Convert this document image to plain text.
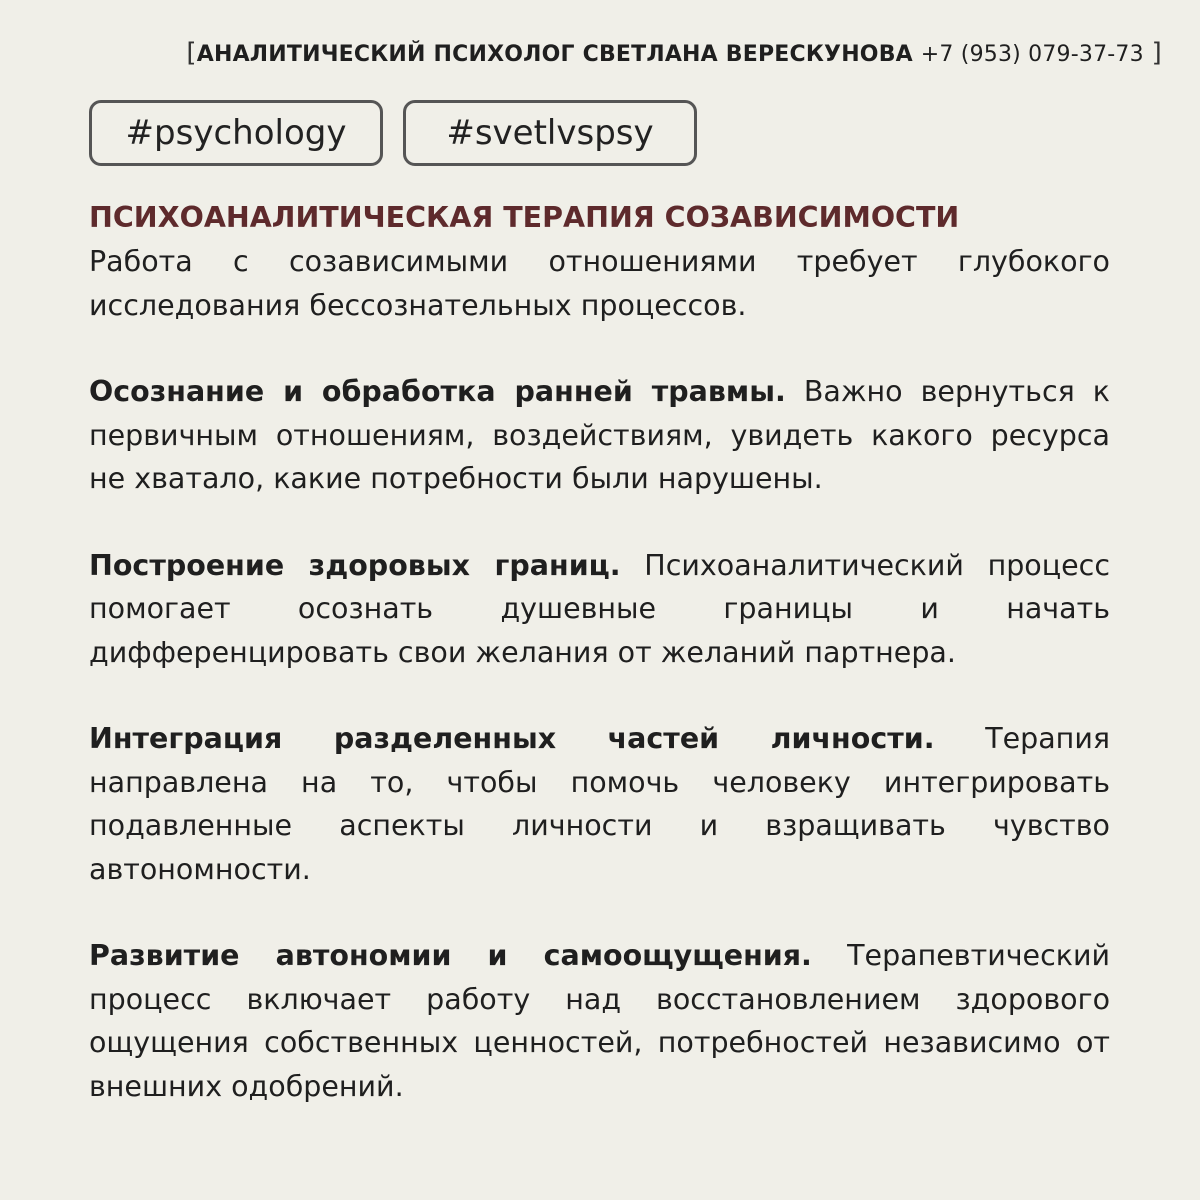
[АНАЛИТИЧЕСКИЙ ПСИХОЛОГ СВЕТЛАНА ВЕРЕСКУНОВА +7 (953) 079-37-73 ]
#psychology	#svetlvspsy
ПСИХОАНАЛИТИЧЕСКАЯ ТЕРАПИЯ СОЗАВИСИМОСТИ

Работа с созависимыми отношениями требует глубокого исследования бессознательных процессов.

Осознание и обработка ранней травмы. Важно вернуться к первичным отношениям, воздействиям, увидеть какого ресурса не хватало, какие потребности были нарушены.

Построение здоровых границ. Психоаналитический процесс помогает осознать душевные границы и начать дифференцировать свои желания от желаний партнера.

Интеграция разделенных частей личности. Терапия направлена на то, чтобы помочь человеку интегрировать подавленные аспекты личности и взращивать чувство автономности.

Развитие автономии и самоощущения. Терапевтический процесс включает работу над восстановлением здорового ощущения собственных ценностей, потребностей независимо от внешних одобрений.
